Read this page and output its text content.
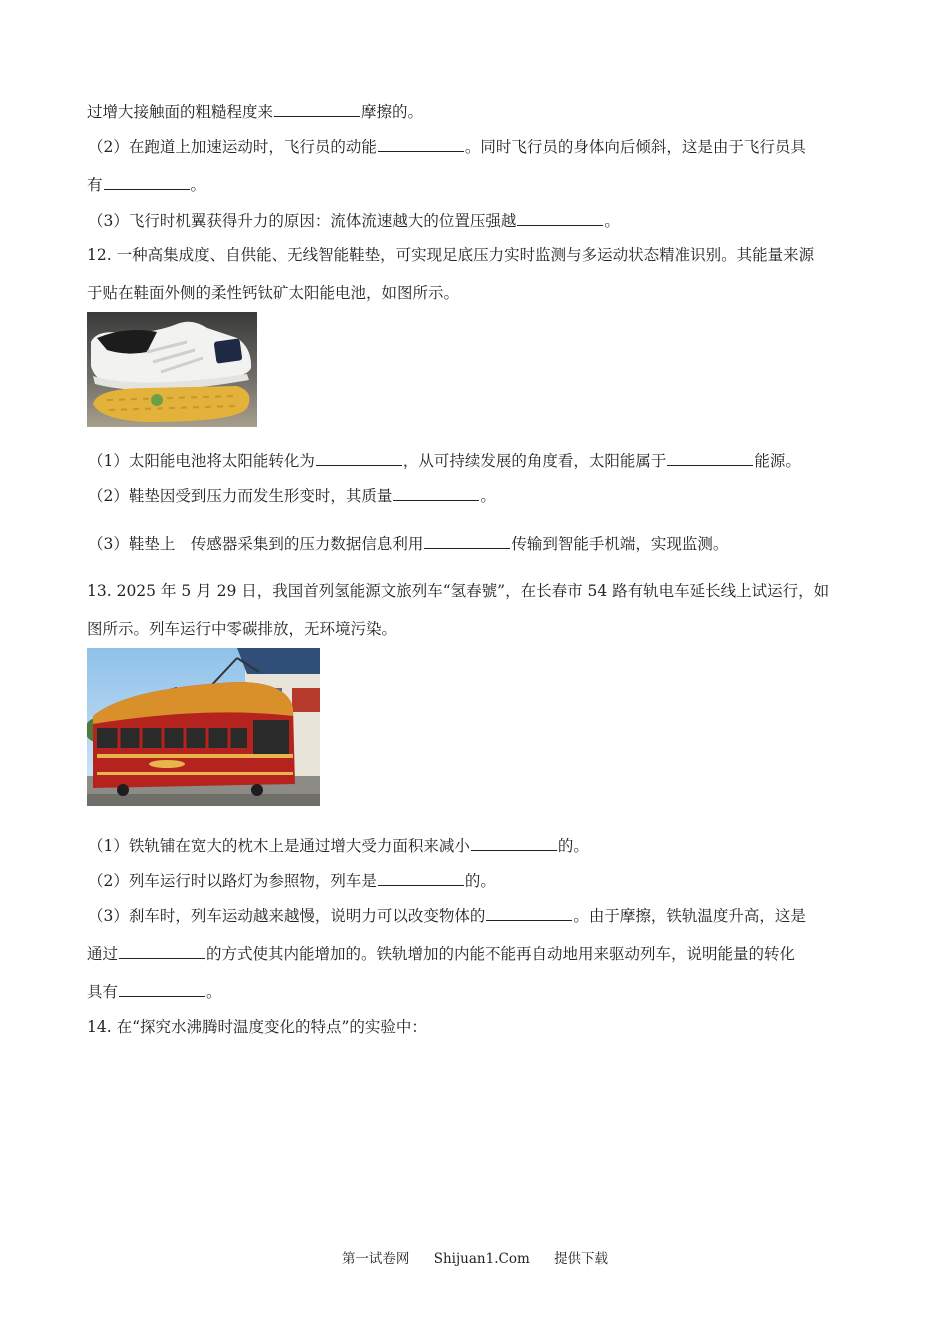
过增大接触面的粗糙程度来	摩擦的。
（2）在跑道上加速运动时，飞行员的动能	。同时飞行员的身体向后倾斜，这是由于飞行员具
有	。
（3）飞行时机翼获得升力的原因：流体流速越大的位置压强越	。
12. 一种高集成度、自供能、无线智能鞋垫，可实现足底压力实时监测与多运动状态精准识别。其能量来源
于贴在鞋面外侧的柔性钙钛矿太阳能电池，如图所示。
（1）太阳能电池将太阳能转化为	，从可持续发展的角度看，太阳能属于	能源。
（2）鞋垫因受到压力而发生形变时，其质量	。
（3）鞋垫上　传感器采集到的压力数据信息利用	传输到智能手机端，实现监测。
13. 2025 年 5 月 29 日，我国首列氢能源文旅列车“氢春號”，在长春市 54 路有轨电车延长线上试运行，如
图所示。列车运行中零碳排放，无环境污染。
（1）铁轨铺在宽大的枕木上是通过增大受力面积来减小	的。
（2）列车运行时以路灯为参照物，列车是	的。
（3）刹车时，列车运动越来越慢，说明力可以改变物体的	。由于摩擦，铁轨温度升高，这是
通过	的方式使其内能增加的。铁轨增加的内能不能再自动地用来驱动列车，说明能量的转化
具有	。
14. 在“探究水沸腾时温度变化的特点”的实验中：
第一试卷网 Shijuan1.Com 提供下载
